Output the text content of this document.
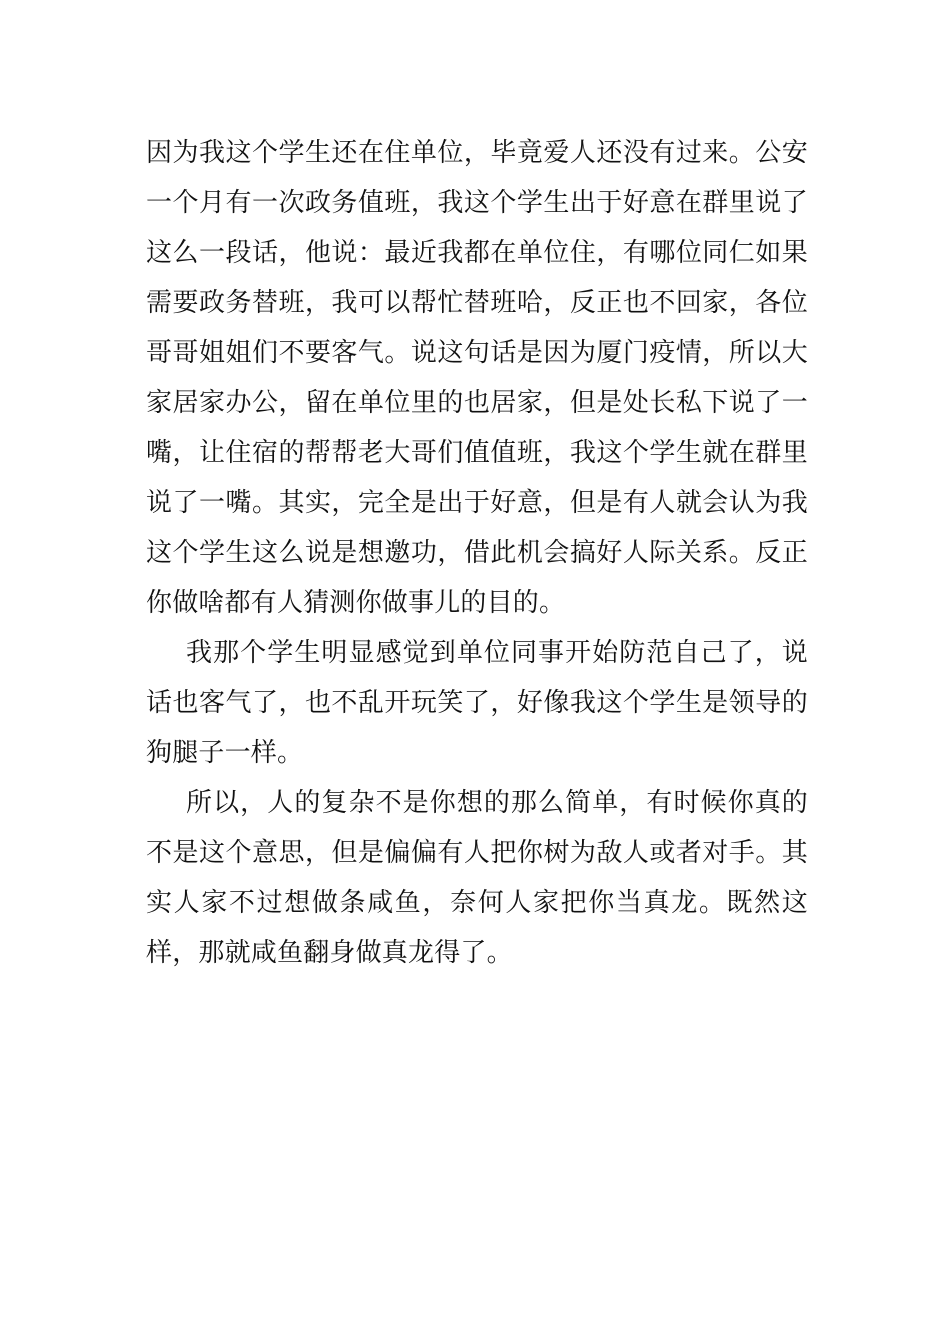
因为我这个学生还在住单位，毕竟爱人还没有过来。公安一个月有一次政务值班，我这个学生出于好意在群里说了这么一段话，他说：最近我都在单位住，有哪位同仁如果需要政务替班，我可以帮忙替班哈，反正也不回家，各位哥哥姐姐们不要客气。说这句话是因为厦门疫情，所以大家居家办公，留在单位里的也居家，但是处长私下说了一嘴，让住宿的帮帮老大哥们值值班，我这个学生就在群里说了一嘴。其实，完全是出于好意，但是有人就会认为我这个学生这么说是想邀功，借此机会搞好人际关系。反正你做啥都有人猜测你做事儿的目的。

我那个学生明显感觉到单位同事开始防范自己了，说话也客气了，也不乱开玩笑了，好像我这个学生是领导的狗腿子一样。

所以，人的复杂不是你想的那么简单，有时候你真的不是这个意思，但是偏偏有人把你树为敌人或者对手。其实人家不过想做条咸鱼，奈何人家把你当真龙。既然这样，那就咸鱼翻身做真龙得了。
